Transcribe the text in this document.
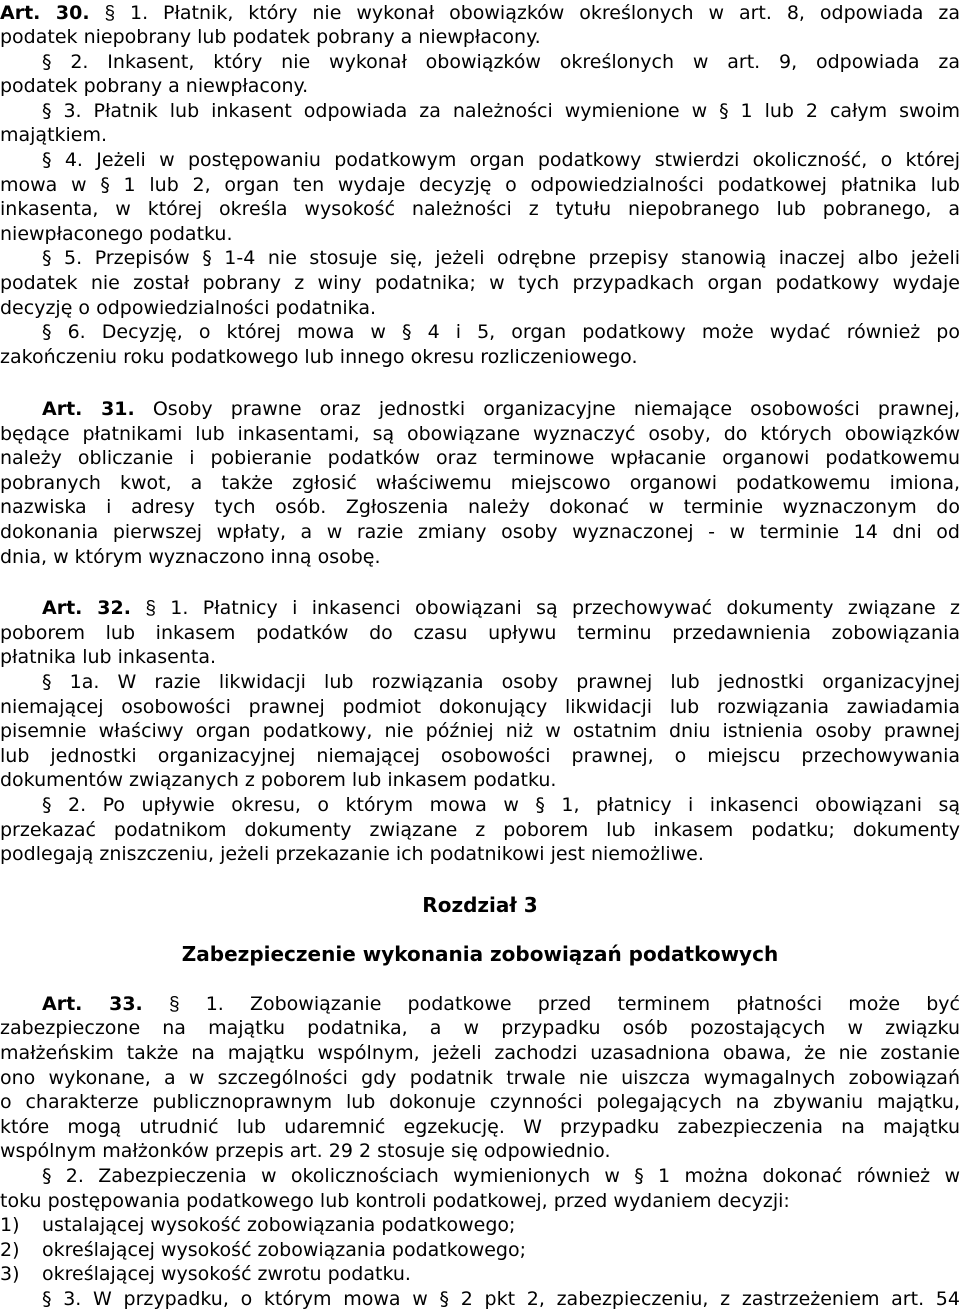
Art. 30. § 1. Płatnik, który nie wykonał obowiązków określonych w art. 8, odpowiada za
podatek niepobrany lub podatek pobrany a niewpłacony.
§ 2. Inkasent, który nie wykonał obowiązków określonych w art. 9, odpowiada za
podatek pobrany a niewpłacony.
§ 3. Płatnik lub inkasent odpowiada za należności wymienione w § 1 lub 2 całym swoim
majątkiem.
§ 4. Jeżeli w postępowaniu podatkowym organ podatkowy stwierdzi okoliczność, o której
mowa w § 1 lub 2, organ ten wydaje decyzję o odpowiedzialności podatkowej płatnika lub
inkasenta, w której określa wysokość należności z tytułu niepobranego lub pobranego, a
niewpłaconego podatku.
§ 5. Przepisów § 1-4 nie stosuje się, jeżeli odrębne przepisy stanowią inaczej albo jeżeli
podatek nie został pobrany z winy podatnika; w tych przypadkach organ podatkowy wydaje
decyzję o odpowiedzialności podatnika.
§ 6. Decyzję, o której mowa w § 4 i 5, organ podatkowy może wydać również po
zakończeniu roku podatkowego lub innego okresu rozliczeniowego.
Art. 31. Osoby prawne oraz jednostki organizacyjne niemające osobowości prawnej,
będące płatnikami lub inkasentami, są obowiązane wyznaczyć osoby, do których obowiązków
należy obliczanie i pobieranie podatków oraz terminowe wpłacanie organowi podatkowemu
pobranych kwot, a także zgłosić właściwemu miejscowo organowi podatkowemu imiona,
nazwiska i adresy tych osób. Zgłoszenia należy dokonać w terminie wyznaczonym do
dokonania pierwszej wpłaty, a w razie zmiany osoby wyznaczonej - w terminie 14 dni od
dnia, w którym wyznaczono inną osobę.
Art. 32. § 1. Płatnicy i inkasenci obowiązani są przechowywać dokumenty związane z
poborem lub inkasem podatków do czasu upływu terminu przedawnienia zobowiązania
płatnika lub inkasenta.
§ 1a. W razie likwidacji lub rozwiązania osoby prawnej lub jednostki organizacyjnej
niemającej osobowości prawnej podmiot dokonujący likwidacji lub rozwiązania zawiadamia
pisemnie właściwy organ podatkowy, nie później niż w ostatnim dniu istnienia osoby prawnej
lub jednostki organizacyjnej niemającej osobowości prawnej, o miejscu przechowywania
dokumentów związanych z poborem lub inkasem podatku.
§ 2. Po upływie okresu, o którym mowa w § 1, płatnicy i inkasenci obowiązani są
przekazać podatnikom dokumenty związane z poborem lub inkasem podatku; dokumenty
podlegają zniszczeniu, jeżeli przekazanie ich podatnikowi jest niemożliwe.
Rozdział 3
Zabezpieczenie wykonania zobowiązań podatkowych
Art. 33. § 1. Zobowiązanie podatkowe przed terminem płatności może być
zabezpieczone na majątku podatnika, a w przypadku osób pozostających w związku
małżeńskim także na majątku wspólnym, jeżeli zachodzi uzasadniona obawa, że nie zostanie
ono wykonane, a w szczególności gdy podatnik trwale nie uiszcza wymagalnych zobowiązań
o charakterze publicznoprawnym lub dokonuje czynności polegających na zbywaniu majątku,
które mogą utrudnić lub udaremnić egzekucję. W przypadku zabezpieczenia na majątku
wspólnym małżonków przepis art. 29 2 stosuje się odpowiednio.
§ 2. Zabezpieczenia w okolicznościach wymienionych w § 1 można dokonać również w
toku postępowania podatkowego lub kontroli podatkowej, przed wydaniem decyzji:
1) ustalającej wysokość zobowiązania podatkowego;
2) określającej wysokość zobowiązania podatkowego;
3) określającej wysokość zwrotu podatku.
§ 3. W przypadku, o którym mowa w § 2 pkt 2, zabezpieczeniu, z zastrzeżeniem art. 54
